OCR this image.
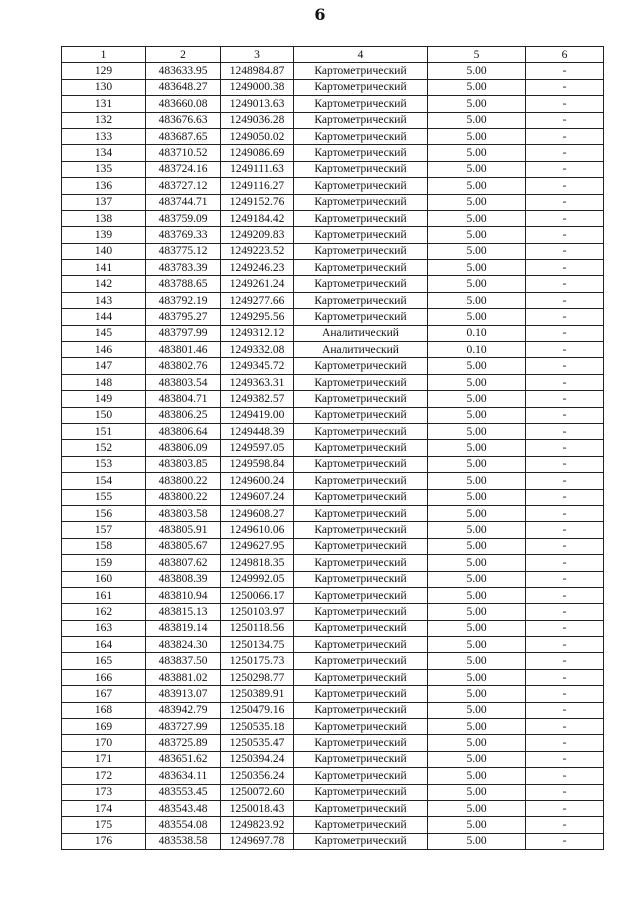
6
1	2	3	4	5	6
129	483633.95	1248984.87	Картометрический	5.00	-
130	483648.27	1249000.38	Картометрический	5.00	-
131	483660.08	1249013.63	Картометрический	5.00	-
132	483676.63	1249036.28	Картометрический	5.00	-
133	483687.65	1249050.02	Картометрический	5.00	-
134	483710.52	1249086.69	Картометрический	5.00	-
135	483724.16	1249111.63	Картометрический	5.00	-
136	483727.12	1249116.27	Картометрический	5.00	-
137	483744.71	1249152.76	Картометрический	5.00	-
138	483759.09	1249184.42	Картометрический	5.00	-
139	483769.33	1249209.83	Картометрический	5.00	-
140	483775.12	1249223.52	Картометрический	5.00	-
141	483783.39	1249246.23	Картометрический	5.00	-
142	483788.65	1249261.24	Картометрический	5.00	-
143	483792.19	1249277.66	Картометрический	5.00	-
144	483795.27	1249295.56	Картометрический	5.00	-
145	483797.99	1249312.12	Аналитический	0.10	-
146	483801.46	1249332.08	Аналитический	0.10	-
147	483802.76	1249345.72	Картометрический	5.00	-
148	483803.54	1249363.31	Картометрический	5.00	-
149	483804.71	1249382.57	Картометрический	5.00	-
150	483806.25	1249419.00	Картометрический	5.00	-
151	483806.64	1249448.39	Картометрический	5.00	-
152	483806.09	1249597.05	Картометрический	5.00	-
153	483803.85	1249598.84	Картометрический	5.00	-
154	483800.22	1249600.24	Картометрический	5.00	-
155	483800.22	1249607.24	Картометрический	5.00	-
156	483803.58	1249608.27	Картометрический	5.00	-
157	483805.91	1249610.06	Картометрический	5.00	-
158	483805.67	1249627.95	Картометрический	5.00	-
159	483807.62	1249818.35	Картометрический	5.00	-
160	483808.39	1249992.05	Картометрический	5.00	-
161	483810.94	1250066.17	Картометрический	5.00	-
162	483815.13	1250103.97	Картометрический	5.00	-
163	483819.14	1250118.56	Картометрический	5.00	-
164	483824.30	1250134.75	Картометрический	5.00	-
165	483837.50	1250175.73	Картометрический	5.00	-
166	483881.02	1250298.77	Картометрический	5.00	-
167	483913.07	1250389.91	Картометрический	5.00	-
168	483942.79	1250479.16	Картометрический	5.00	-
169	483727.99	1250535.18	Картометрический	5.00	-
170	483725.89	1250535.47	Картометрический	5.00	-
171	483651.62	1250394.24	Картометрический	5.00	-
172	483634.11	1250356.24	Картометрический	5.00	-
173	483553.45	1250072.60	Картометрический	5.00	-
174	483543.48	1250018.43	Картометрический	5.00	-
175	483554.08	1249823.92	Картометрический	5.00	-
176	483538.58	1249697.78	Картометрический	5.00	-
